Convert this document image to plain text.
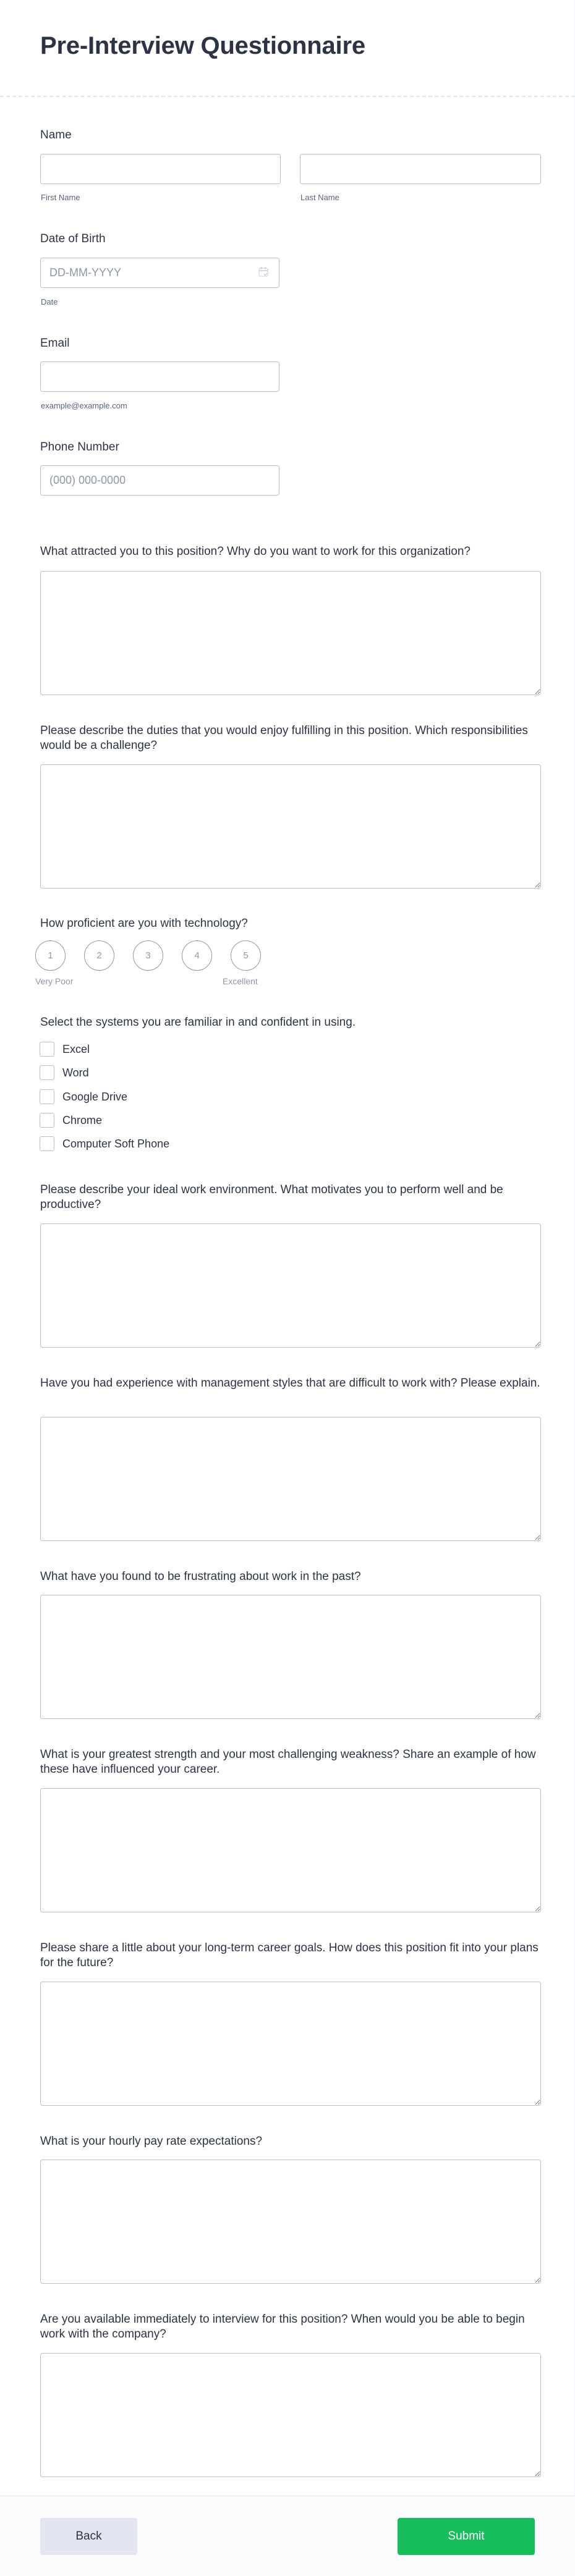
Pre-Interview Questionnaire
Name
First Name	Last Name
Date of Birth
DD-MM-YYYY
Date
Email
example@example.com
Phone Number
(000) 000-0000
What attracted you to this position? Why do you want to work for this organization?
Please describe the duties that you would enjoy fulfilling in this position. Which responsibilities would be a challenge?
How proficient are you with technology?
1	2	3	4	5
Very Poor	Excellent
Select the systems you are familiar in and confident in using.
Excel
Word
Google Drive
Chrome
Computer Soft Phone
Please describe your ideal work environment. What motivates you to perform well and be productive?
Have you had experience with management styles that are difficult to work with? Please explain.
What have you found to be frustrating about work in the past?
What is your greatest strength and your most challenging weakness? Share an example of how these have influenced your career.
Please share a little about your long-term career goals. How does this position fit into your plans for the future?
What is your hourly pay rate expectations?
Are you available immediately to interview for this position? When would you be able to begin work with the company?
Back	Submit
